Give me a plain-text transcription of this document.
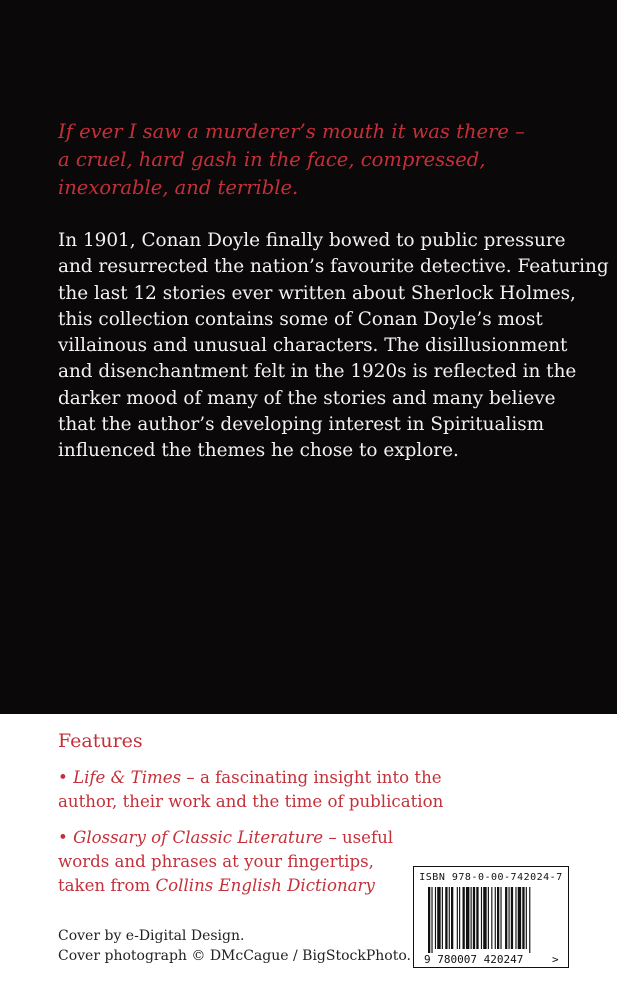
If ever I saw a murderer’s mouth it was there –
a cruel, hard gash in the face, compressed,
inexorable, and terrible.

In 1901, Conan Doyle finally bowed to public pressure
and resurrected the nation’s favourite detective. Featuring
the last 12 stories ever written about Sherlock Holmes,
this collection contains some of Conan Doyle’s most
villainous and unusual characters. The disillusionment
and disenchantment felt in the 1920s is reflected in the
darker mood of many of the stories and many believe
that the author’s developing interest in Spiritualism
influenced the themes he chose to explore.

Features

• Life & Times – a fascinating insight into the
author, their work and the time of publication

• Glossary of Classic Literature – useful
words and phrases at your fingertips,
taken from Collins English Dictionary

Cover by e-Digital Design.
Cover photograph © DMcCague / BigStockPhoto.

ISBN 978-0-00-742024-7
9 780007 420247	>
